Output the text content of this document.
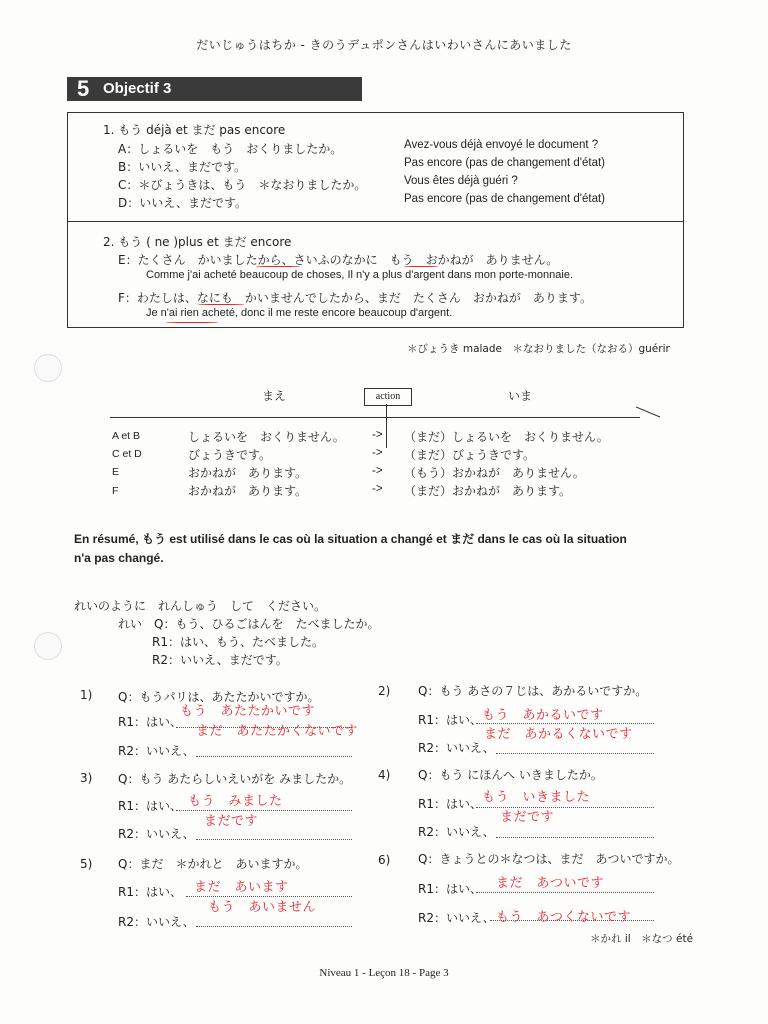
だいじゅうはちか - きのうデュポンさんはいわいさんにあいました
5 Objectif 3
1. もう déjà et まだ pas encore
A：しょるいを　もう　おくりましたか。	Avez-vous déjà envoyé le document ?
B：いいえ、まだです。	Pas encore (pas de changement d'état)
C：＊びょうきは、もう　＊なおりましたか。	Vous êtes déjà guéri ?
D：いいえ、まだです。	Pas encore (pas de changement d'état)
2. もう ( ne )plus et まだ encore
E：たくさん　かいましたから、さいふのなかに　もう　おかねが　ありません。
Comme j'ai acheté beaucoup de choses, Il n'y a plus d'argent dans mon porte-monnaie.
F：わたしは、なにも　かいませんでしたから、まだ　たくさん　おかねが　あります。
Je n'ai rien acheté, donc il me reste encore beaucoup d'argent.
＊びょうき malade　＊なおりました（なおる）guérir
まえ	action	いま
A et B	しょるいを　おくりません。 -> （まだ）しょるいを　おくりません。
C et D	びょうきです。	-> （まだ）びょうきです。
E	おかねが　あります。	-> （もう）おかねが　ありません。
F	おかねが　あります。	-> （まだ）おかねが　あります。
En résumé, もう est utilisé dans le cas où la situation a changé et まだ dans le cas où la situation
n'a pas changé.
れいのように　れんしゅう　して　ください。
れい　Q：もう、ひるごはんを　たべましたか。
R1：はい、もう、たべました。
R2：いいえ、まだです。
1) Q：もうパリは、あたたかいですか。
R1：はい、
もう　あたたかいです
まだ　あたたかくないです
R2：いいえ、
2) Q：もう あさの７じは、あかるいですか。
R1：はい、 もう　あかるいです
まだ　あかるくないです
R2：いいえ、
3) Q：もう あたらしいえいがを みましたか。
R1：はい、 もう　みました
まだです
R2：いいえ、
4) Q：もう にほんへ いきましたか。
R1：はい、 もう　いきました
まだです
R2：いいえ、
5) Q：まだ　＊かれと　あいますか。
R1：はい、 まだ　あいます
もう　あいません
R2：いいえ、
6) Q：きょうとの＊なつは、まだ　あついですか。
R1：はい、 まだ　あついです
R2：いいえ、 もう　あつくないです
＊かれ il　＊なつ été
Niveau 1 - Leçon 18 - Page 3
